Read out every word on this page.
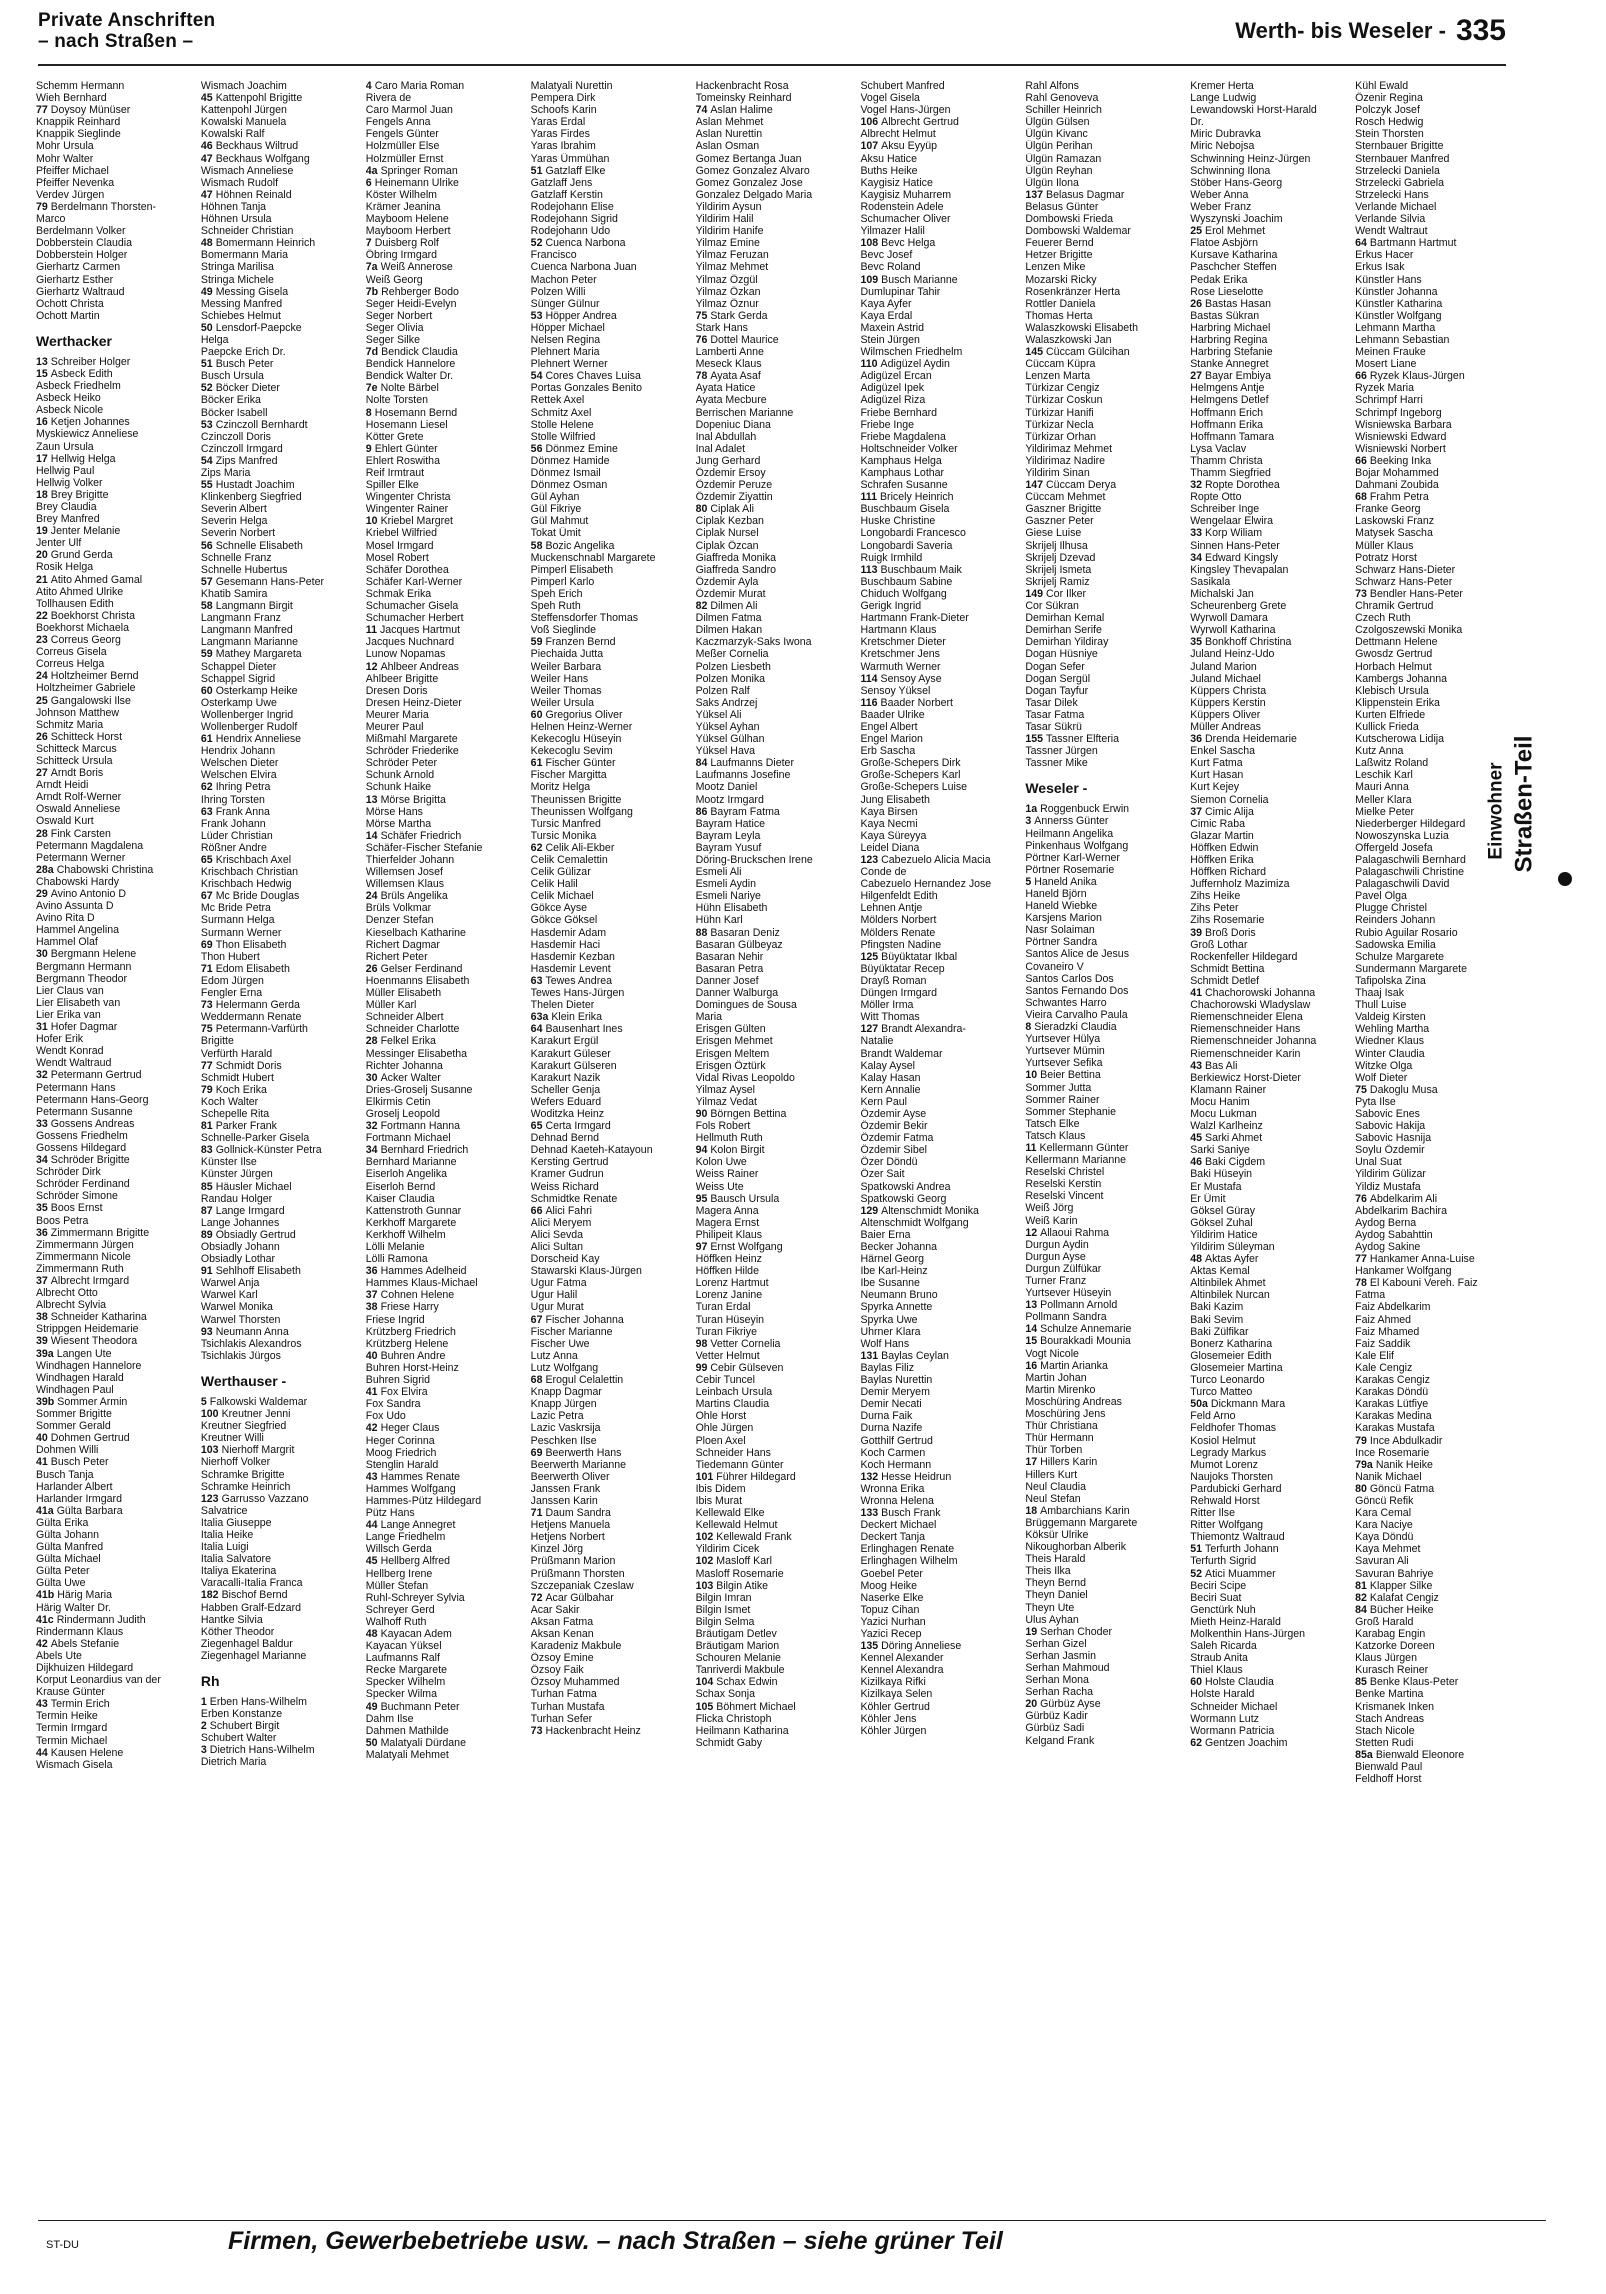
Private Anschriften
– nach Straßen –	Werth- bis Weseler - 335
Schemm Hermann
Wieh Bernhard
77 Doysoy Münüser
Knappik Reinhard
Knappik Sieglinde
Mohr Ursula
Mohr Walter
Pfeiffer Michael
Pfeiffer Nevenka
Verdev Jürgen
79 Berdelmann Thorsten-
Marco
Berdelmann Volker
Dobberstein Claudia
Dobberstein Holger
Gierhartz Carmen
Gierhartz Esther
Gierhartz Waltraud
Ochott Christa
Ochott Martin
Werthacker
13 Schreiber Holger
15 Asbeck Edith
Asbeck Friedhelm
Asbeck Heiko
Asbeck Nicole
16 Ketjen Johannes
Myskiewicz Anneliese
Zaun Ursula
17 Hellwig Helga
Hellwig Paul
Hellwig Volker
18 Brey Brigitte
Brey Claudia
Brey Manfred
19 Jenter Melanie
Jenter Ulf
20 Grund Gerda
Rosik Helga
21 Atito Ahmed Gamal
Atito Ahmed Ulrike
Tollhausen Edith
22 Boekhorst Christa
Boekhorst Michaela
23 Correus Georg
Correus Gisela
Correus Helga
24 Holtzheimer Bernd
Holtzheimer Gabriele
25 Gangalowski Ilse
Johnson Matthew
Schmitz Maria
26 Schitteck Horst
Schitteck Marcus
Schitteck Ursula
27 Arndt Boris
Arndt Heidi
Arndt Rolf-Werner
Oswald Anneliese
Oswald Kurt
28 Fink Carsten
Petermann Magdalena
Petermann Werner
28a Chabowski Christina
Chabowski Hardy
29 Avino Antonio D
Avino Assunta D
Avino Rita D
Hammel Angelina
Hammel Olaf
30 Bergmann Helene
Bergmann Hermann
Bergmann Theodor
Lier Claus van
Lier Elisabeth van
Lier Erika van
31 Hofer Dagmar
Hofer Erik
Wendt Konrad
Wendt Waltraud
32 Petermann Gertrud
Petermann Hans
Petermann Hans-Georg
Petermann Susanne
33 Gossens Andreas
Gossens Friedhelm
Gossens Hildegard
34 Schröder Brigitte
Schröder Dirk
Schröder Ferdinand
Schröder Simone
35 Boos Ernst
Boos Petra
36 Zimmermann Brigitte
Zimmermann Jürgen
Zimmermann Nicole
Zimmermann Ruth
37 Albrecht Irmgard
Albrecht Otto
Albrecht Sylvia
38 Schneider Katharina
Strippgen Heidemarie
39 Wiesent Theodora
39a Langen Ute
Windhagen Hannelore
Windhagen Harald
Windhagen Paul
39b Sommer Armin
Sommer Brigitte
Sommer Gerald
40 Dohmen Gertrud
Dohmen Willi
41 Busch Peter
Busch Tanja
Harlander Albert
Harlander Irmgard
41a Gülta Barbara
Gülta Erika
Gülta Johann
Gülta Manfred
Gülta Michael
Gülta Peter
Gülta Uwe
41b Härig Maria
Härig Walter Dr.
41c Rindermann Judith
Rindermann Klaus
42 Abels Stefanie
Abels Ute
Dijkhuizen Hildegard
Korput Leonardius van der
Krause Günter
43 Termin Erich
Termin Heike
Termin Irmgard
Termin Michael
44 Kausen Helene
Wismach Gisela
Wismach Joachim
45 Kattenpohl Brigitte
Kattenpohl Jürgen
Kowalski Manuela
Kowalski Ralf
46 Beckhaus Wiltrud
47 Beckhaus Wolfgang
Wismach Anneliese
Wismach Rudolf
47 Höhnen Reinald
Höhnen Tanja
Höhnen Ursula
Schneider Christian
48 Bomermann Heinrich
Bomermann Maria
Stringa Marilisa
Stringa Michele
49 Messing Gisela
Messing Manfred
Schiebes Helmut
50 Lensdorf-Paepcke
Helga
Paepcke Erich Dr.
51 Busch Peter
Busch Ursula
52 Böcker Dieter
Böcker Erika
Böcker Isabell
53 Czinczoll Bernhardt
Czinczoll Doris
Czinczoll Irmgard
54 Zips Manfred
Zips Maria
55 Hustadt Joachim
Klinkenberg Siegfried
Severin Albert
Severin Helga
Severin Norbert
56 Schnelle Elisabeth
Schnelle Franz
Schnelle Hubertus
57 Gesemann Hans-Peter
Khatib Samira
58 Langmann Birgit
Langmann Franz
Langmann Manfred
Langmann Marianne
59 Mathey Margareta
Schappel Dieter
Schappel Sigrid
60 Osterkamp Heike
Osterkamp Uwe
Wollenberger Ingrid
Wollenberger Rudolf
61 Hendrix Anneliese
Hendrix Johann
Welschen Dieter
Welschen Elvira
62 Ihring Petra
Ihring Torsten
63 Frank Anna
Frank Johann
Lüder Christian
Rößner Andre
65 Krischbach Axel
Krischbach Christian
Krischbach Hedwig
67 Mc Bride Douglas
Mc Bride Petra
Surmann Helga
Surmann Werner
69 Thon Elisabeth
Thon Hubert
71 Edom Elisabeth
Edom Jürgen
Fengler Erna
73 Helermann Gerda
Weddermann Renate
75 Petermann-Varfürth
Brigitte
Verfürth Harald
77 Schmidt Doris
Schmidt Hubert
79 Koch Erika
Koch Walter
Schepelle Rita
81 Parker Frank
Schnelle-Parker Gisela
83 Gollnick-Künster Petra
Künster Ilse
Künster Jürgen
85 Häusler Michael
Randau Holger
87 Lange Irmgard
Lange Johannes
89 Obsiadly Gertrud
Obsiadly Johann
Obsiadly Lothar
91 Sehlhoff Elisabeth
Warwel Anja
Warwel Karl
Warwel Monika
Warwel Thorsten
93 Neumann Anna
Tsichlakis Alexandros
Tsichlakis Jürgos
Werthauser -
5 Falkowski Waldemar
100 Kreutner Jenni
Kreutner Siegfried
Kreutner Willi
103 Nierhoff Margrit
Nierhoff Volker
Schramke Brigitte
Schramke Heinrich
123 Garrusso Vazzano
Salvatrice
Italia Giuseppe
Italia Heike
Italia Luigi
Italia Salvatore
Italiya Ekaterina
Varacalli-Italia Franca
182 Bischof Bernd
Habben Gralf-Edzard
Hantke Silvia
Köther Theodor
Ziegenhagel Baldur
Ziegenhagel Marianne
Rh
1 Erben Hans-Wilhelm
Erben Konstanze
2 Schubert Birgit
Schubert Walter
3 Dietrich Hans-Wilhelm
Dietrich Maria
4 Caro Maria Roman
Rivera de
Caro Marmol Juan
Fengels Anna
Fengels Günter
Holzmüller Else
Holzmüller Ernst
4a Springer Roman
6 Heinemann Ulrike
Köster Wilhelm
Krämer Jeanina
Mayboom Helene
Mayboom Herbert
7 Duisberg Rolf
Öbring Irmgard
7a Weiß Annerose
Weiß Georg
7b Rehberger Bodo
Seger Heidi-Evelyn
Seger Norbert
Seger Olivia
Seger Silke
7d Bendick Claudia
Bendick Hannelore
Bendick Walter Dr.
7e Nolte Bärbel
Nolte Torsten
8 Hosemann Bernd
Hosemann Liesel
Kötter Grete
9 Ehlert Günter
Ehlert Roswitha
Reif Irmtraut
Spiller Elke
Wingenter Christa
Wingenter Rainer
10 Kriebel Margret
Kriebel Wilfried
Mosel Irmgard
Mosel Robert
Schäfer Dorothea
Schäfer Karl-Werner
Schmak Erika
Schumacher Gisela
Schumacher Herbert
11 Jacques Hartmut
Jacques Nuchnard
Lunow Nopamas
12 Ahlbeer Andreas
Ahlbeer Brigitte
Dresen Doris
Dresen Heinz-Dieter
Meurer Maria
Meurer Paul
Mißmahl Margarete
Schröder Friederike
Schröder Peter
Schunk Arnold
Schunk Haike
13 Mörse Brigitta
Mörse Hans
Mörse Martha
14 Schäfer Friedrich
Schäfer-Fischer Stefanie
Thierfelder Johann
Willemsen Josef
Willemsen Klaus
24 Brüls Angelika
Brüls Volkmar
Denzer Stefan
Kieselbach Katharine
Richert Dagmar
Richert Peter
26 Gelser Ferdinand
Hoenmanns Elisabeth
Müller Elisabeth
Müller Karl
Schneider Albert
Schneider Charlotte
28 Felkel Erika
Messinger Elisabetha
Richter Johanna
30 Acker Walter
Dries-Groselj Susanne
Elkirmis Cetin
Groselj Leopold
32 Fortmann Hanna
Fortmann Michael
34 Bernhard Friedrich
Bernhard Marianne
Eiserloh Angelika
Eiserloh Bernd
Kaiser Claudia
Kattenstroth Gunnar
Kerkhoff Margarete
Kerkhoff Wilhelm
Lölli Melanie
Lölli Ramona
36 Hammes Adelheid
Hammes Klaus-Michael
37 Cohnen Helene
38 Friese Harry
Friese Ingrid
Krützberg Friedrich
Krützberg Helene
40 Buhren Andre
Buhren Horst-Heinz
Buhren Sigrid
41 Fox Elvira
Fox Sandra
Fox Udo
42 Heger Claus
Heger Corinna
Moog Friedrich
Stenglin Harald
43 Hammes Renate
Hammes Wolfgang
Hammes-Pütz Hildegard
Pütz Hans
44 Lange Annegret
Lange Friedhelm
Willsch Gerda
45 Hellberg Alfred
Hellberg Irene
Müller Stefan
Ruhl-Schreyer Sylvia
Schreyer Gerd
Walhoff Ruth
48 Kayacan Adem
Kayacan Yüksel
Laufmanns Ralf
Recke Margarete
Specker Wilhelm
Specker Wilma
49 Buchmann Peter
Dahm Ilse
Dahmen Mathilde
50 Malatyali Dürdane
Malatyali Mehmet
Malatyali Nurettin
Pempera Dirk
Schoofs Karin
Yaras Erdal
Yaras Firdes
Yaras Ibrahim
Yaras Ümmühan
51 Gatzlaff Elke
Gatzlaff Jens
Gatzlaff Kerstin
Rodejohann Elise
Rodejohann Sigrid
Rodejohann Udo
52 Cuenca Narbona
Francisco
Cuenca Narbona Juan
Machon Peter
Polzen Willi
Sünger Gülnur
53 Höpper Andrea
Höpper Michael
Nelsen Regina
Plehnert Maria
Plehnert Werner
54 Cores Chaves Luisa
Portas Gonzales Benito
Rettek Axel
Schmitz Axel
Stolle Helene
Stolle Wilfried
56 Dönmez Emine
Dönmez Hamide
Dönmez Ismail
Dönmez Osman
Gül Ayhan
Gül Fikriye
Gül Mahmut
Tokat Ümit
58 Bozic Angelika
Muckenschnabl Margarete
Pimperl Elisabeth
Pimperl Karlo
Speh Erich
Speh Ruth
Steffensdorfer Thomas
Voß Sieglinde
59 Franzen Bernd
Piechaida Jutta
Weiler Barbara
Weiler Hans
Weiler Thomas
Weiler Ursula
60 Gregorius Oliver
Helnen Heinz-Werner
Kekecoglu Hüseyin
Kekecoglu Sevim
61 Fischer Günter
Fischer Margitta
Moritz Helga
Theunissen Brigitte
Theunissen Wolfgang
Tursic Manfred
Tursic Monika
62 Celik Ali-Ekber
Celik Cemalettin
Celik Gülizar
Celik Halil
Celik Michael
Gökce Ayse
Gökce Göksel
Hasdemir Adam
Hasdemir Haci
Hasdemir Kezban
Hasdemir Levent
63 Tewes Andrea
Tewes Hans-Jürgen
Thelen Dieter
63a Klein Erika
64 Bausenhart Ines
Karakurt Ergül
Karakurt Güleser
Karakurt Gülseren
Karakurt Nazik
Scheller Genja
Wefers Eduard
Woditzka Heinz
65 Certa Irmgard
Dehnad Bernd
Dehnad Kaeteh-Katayoun
Kersting Gertrud
Kramer Gudrun
Weiss Richard
Schmidtke Renate
66 Alici Fahri
Alici Meryem
Alici Sevda
Alici Sultan
Dorscheid Kay
Stawarski Klaus-Jürgen
Ugur Fatma
Ugur Halil
Ugur Murat
67 Fischer Johanna
Fischer Marianne
Fischer Uwe
Lutz Anna
Lutz Wolfgang
68 Erogul Celalettin
Knapp Dagmar
Knapp Jürgen
Lazic Petra
Lazic Vaskrsija
Peschken Ilse
69 Beerwerth Hans
Beerwerth Marianne
Beerwerth Oliver
Janssen Frank
Janssen Karin
71 Daum Sandra
Hetjens Manuela
Hetjens Norbert
Kinzel Jörg
Prüßmann Marion
Prüßmann Thorsten
Szczepaniak Czeslaw
72 Acar Gülbahar
Acar Sakir
Aksan Fatma
Aksan Kenan
Karadeniz Makbule
Özsoy Emine
Özsoy Faik
Özsoy Muhammed
Turhan Fatma
Turhan Mustafa
Turhan Sefer
73 Hackenbracht Heinz
Hackenbracht Rosa
Tomeinsky Reinhard
74 Aslan Halime
Aslan Mehmet
Aslan Nurettin
Aslan Osman
Gomez Bertanga Juan
Gomez Gonzalez Alvaro
Gomez Gonzalez Jose
Gonzalez Delgado Maria
Yildirim Aysun
Yildirim Halil
Yildirim Hanife
Yilmaz Emine
Yilmaz Feruzan
Yilmaz Mehmet
Yilmaz Özgül
Yilmaz Özkan
Yilmaz Öznur
75 Stark Gerda
Stark Hans
76 Dottel Maurice
Lamberti Anne
Meseck Klaus
78 Ayata Asaf
Ayata Hatice
Ayata Mecbure
Berrischen Marianne
Dopeniuc Diana
Inal Abdullah
Inal Adalet
Jung Gerhard
Özdemir Ersoy
Özdemir Peruze
Özdemir Ziyattin
80 Ciplak Ali
Ciplak Kezban
Ciplak Nursel
Ciplak Özcan
Giaffreda Monika
Giaffreda Sandro
Özdemir Ayla
Özdemir Murat
82 Dilmen Ali
Dilmen Fatma
Dilmen Hakan
Kaczmarzyk-Saks Iwona
Meßer Cornelia
Polzen Liesbeth
Polzen Monika
Polzen Ralf
Saks Andrzej
Yüksel Ali
Yüksel Ayhan
Yüksel Gülhan
Yüksel Hava
84 Laufmanns Dieter
Laufmanns Josefine
Mootz Daniel
Mootz Irmgard
86 Bayram Fatma
Bayram Hatice
Bayram Leyla
Bayram Yusuf
Döring-Bruckschen Irene
Esmeli Ali
Esmeli Aydin
Esmeli Nariye
Hühn Elisabeth
Hühn Karl
88 Basaran Deniz
Basaran Gülbeyaz
Basaran Nehir
Basaran Petra
Danner Josef
Danner Walburga
Domingues de Sousa
Maria
Erisgen Gülten
Erisgen Mehmet
Erisgen Meltem
Erisgen Öztürk
Vidal Rivas Leopoldo
Yilmaz Aysel
Yilmaz Vedat
90 Börngen Bettina
Fols Robert
Hellmuth Ruth
94 Kolon Birgit
Kolon Uwe
Weiss Rainer
Weiss Ute
95 Bausch Ursula
Magera Anna
Magera Ernst
Philipeit Klaus
97 Ernst Wolfgang
Höffken Heinz
Höffken Hilde
Lorenz Hartmut
Lorenz Janine
Turan Erdal
Turan Hüseyin
Turan Fikriye
98 Vetter Cornelia
Vetter Helmut
99 Cebir Gülseven
Cebir Tuncel
Leinbach Ursula
Martins Claudia
Ohle Horst
Ohle Jürgen
Ploen Axel
Schneider Hans
Tiedemann Günter
101 Führer Hildegard
Ibis Didem
Ibis Murat
Kellewald Elke
Kellewald Helmut
102 Kellewald Frank
Yildirim Cicek
102 Masloff Karl
Masloff Rosemarie
103 Bilgin Atike
Bilgin Imran
Bilgin Ismet
Bilgin Selma
Bräutigam Detlev
Bräutigam Marion
Schouren Melanie
Tanriverdi Makbule
104 Schax Edwin
Schax Sonja
105 Böhmert Michael
Flicka Christoph
Heilmann Katharina
Schmidt Gaby
Schubert Manfred
Vogel Gisela
Vogel Hans-Jürgen
106 Albrecht Gertrud
Albrecht Helmut
107 Aksu Eyyüp
Aksu Hatice
Buths Heike
Kaygisiz Hatice
Kaygisiz Muharrem
Rodenstein Adele
Schumacher Oliver
Yilmazer Halil
108 Bevc Helga
Bevc Josef
Bevc Roland
109 Busch Marianne
Dumlupinar Tahir
Kaya Ayfer
Kaya Erdal
Maxein Astrid
Stein Jürgen
Wilmschen Friedhelm
110 Adigüzel Aydin
Adigüzel Ercan
Adigüzel Ipek
Adigüzel Riza
Friebe Bernhard
Friebe Inge
Friebe Magdalena
Holtschneider Volker
Kamphaus Helga
Kamphaus Lothar
Schrafen Susanne
111 Bricely Heinrich
Buschbaum Gisela
Huske Christine
Longobardi Francesco
Longobardi Saveria
Ruigk Irmhild
113 Buschbaum Maik
Buschbaum Sabine
Chiduch Wolfgang
Gerigk Ingrid
Hartmann Frank-Dieter
Hartmann Klaus
Kretschmer Dieter
Kretschmer Jens
Warmuth Werner
114 Sensoy Ayse
Sensoy Yüksel
116 Baader Norbert
Baader Ulrike
Engel Albert
Engel Marion
Erb Sascha
Große-Schepers Dirk
Große-Schepers Karl
Große-Schepers Luise
Jung Elisabeth
Kaya Birsen
Kaya Necmi
Kaya Süreyya
Leidel Diana
123 Cabezuelo Alicia Macia
Conde de
Cabezuelo Hernandez Jose
Hilgenfeldt Edith
Lehnen Antje
Mölders Norbert
Mölders Renate
Pfingsten Nadine
125 Büyüktatar Ikbal
Büyüktatar Recep
Drayß Roman
Düngen Irmgard
Möller Irma
Witt Thomas
127 Brandt Alexandra-
Natalie
Brandt Waldemar
Kalay Aysel
Kalay Hasan
Kern Annalie
Kern Paul
Özdemir Ayse
Özdemir Bekir
Özdemir Fatma
Özdemir Sibel
Özer Döndü
Özer Sait
Spatkowski Andrea
Spatkowski Georg
129 Altenschmidt Monika
Altenschmidt Wolfgang
Baier Erna
Becker Johanna
Härnel Georg
Ibe Karl-Heinz
Ibe Susanne
Neumann Bruno
Spyrka Annette
Spyrka Uwe
Uhrner Klara
Wolf Hans
131 Baylas Ceylan
Baylas Filiz
Baylas Nurettin
Demir Meryem
Demir Necati
Durna Faik
Durna Nazife
Gotthilf Gertrud
Koch Carmen
Koch Hermann
132 Hesse Heidrun
Wronna Erika
Wronna Helena
133 Busch Frank
Deckert Michael
Deckert Tanja
Erlinghagen Renate
Erlinghagen Wilhelm
Goebel Peter
Moog Heike
Naserke Elke
Topuz Cihan
Yazici Nurhan
Yazici Recep
135 Döring Anneliese
Kennel Alexander
Kennel Alexandra
Kizilkaya Rifki
Kizilkaya Selen
Köhler Gertrud
Köhler Jens
Köhler Jürgen
Rahl Alfons
Rahl Genoveva
Schiller Heinrich
Ülgün Gülsen
Ülgün Kivanc
Ülgün Perihan
Ülgün Ramazan
Ülgün Reyhan
Ülgün Ilona
137 Belasus Dagmar
Belasus Günter
Dombowski Frieda
Dombowski Waldemar
Feuerer Bernd
Hetzer Brigitte
Lenzen Mike
Mozarski Ricky
Rosenkränzer Herta
Rottler Daniela
Thomas Herta
Walaszkowski Elisabeth
Walaszkowski Jan
145 Cüccam Gülcihan
Cüccam Küpra
Lenzen Marta
Türkizar Cengiz
Türkizar Coskun
Türkizar Hanifi
Türkizar Necla
Türkizar Orhan
Yildirimaz Mehmet
Yildirimaz Nadire
Yildirim Sinan
147 Cüccam Derya
Cüccam Mehmet
Gaszner Brigitte
Gaszner Peter
Giese Luise
Skrijelj Ilhusa
Skrijelj Dzevad
Skrijelj Ismeta
Skrijelj Ramiz
149 Cor Ilker
Cor Sükran
Demirhan Kemal
Demirhan Serife
Demirhan Yildiray
Dogan Hüsniye
Dogan Sefer
Dogan Sergül
Dogan Tayfur
Tasar Dilek
Tasar Fatma
Tasar Sükrü
155 Tassner Elfteria
Tassner Jürgen
Tassner Mike
Weseler -
1a Roggenbuck Erwin
3 Annerss Günter
Heilmann Angelika
Pinkenhaus Wolfgang
Pörtner Karl-Werner
Pörtner Rosemarie
5 Haneld Anika
Haneld Björn
Haneld Wiebke
Karsjens Marion
Nasr Solaiman
Pörtner Sandra
Santos Alice de Jesus
Covaneiro V
Santos Carlos Dos
Santos Fernando Dos
Schwantes Harro
Vieira Carvalho Paula
8 Sieradzki Claudia
Yurtsever Hülya
Yurtsever Mümin
Yurtsever Sefika
10 Beier Bettina
Sommer Jutta
Sommer Rainer
Sommer Stephanie
Tatsch Elke
Tatsch Klaus
11 Kellermann Günter
Kellermann Marianne
Reselski Christel
Reselski Kerstin
Reselski Vincent
Weiß Jörg
Weiß Karin
12 Allaoui Rahma
Durgun Aydin
Durgun Ayse
Durgun Zülfükar
Turner Franz
Yurtsever Hüseyin
13 Pollmann Arnold
Pollmann Sandra
14 Schulze Annemarie
15 Bourakkadi Mounia
Vogt Nicole
16 Martin Arianka
Martin Johan
Martin Mirenko
Moschüring Andreas
Moschüring Jens
Thür Christiana
Thür Hermann
Thür Torben
17 Hillers Karin
Hillers Kurt
Neul Claudia
Neul Stefan
18 Ambarchians Karin
Brüggemann Margarete
Köksür Ulrike
Nikoughorban Alberik
Theis Harald
Theis Ilka
Theyn Bernd
Theyn Daniel
Theyn Ute
Ulus Ayhan
19 Serhan Choder
Serhan Gizel
Serhan Jasmin
Serhan Mahmoud
Serhan Mona
Serhan Racha
20 Gürbüz Ayse
Gürbüz Kadir
Gürbüz Sadi
Kelgand Frank
Kremer Herta
Lange Ludwig
Lewandowski Horst-Harald
Dr.
Miric Dubravka
Miric Nebojsa
Schwinning Heinz-Jürgen
Schwinning Ilona
Stöber Hans-Georg
Weber Anna
Weber Franz
Wyszynski Joachim
25 Erol Mehmet
Flatoe Asbjörn
Kursave Katharina
Paschcher Steffen
Pedak Erika
Rose Lieselotte
26 Bastas Hasan
Bastas Sükran
Harbring Michael
Harbring Regina
Harbring Stefanie
Stanke Annegret
27 Bayar Embiya
Helmgens Antje
Helmgens Detlef
Hoffmann Erich
Hoffmann Erika
Hoffmann Tamara
Lysa Vaclav
Thamm Christa
Thamm Siegfried
32 Ropte Dorothea
Ropte Otto
Schreiber Inge
Wengelaar Elwira
33 Korp Wiliam
Sinnen Hans-Peter
34 Edward Kingsly
Kingsley Thevapalan
Sasikala
Michalski Jan
Scheurenberg Grete
Wyrwoll Damara
Wyrwoll Katharina
35 Bonkhoff Christina
Juland Heinz-Udo
Juland Marion
Juland Michael
Küppers Christa
Küppers Kerstin
Küppers Oliver
Müller Andreas
36 Drenda Heidemarie
Enkel Sascha
Kurt Fatma
Kurt Hasan
Kurt Kejey
Siemon Cornelia
37 Cimic Alija
Cimic Raba
Glazar Martin
Höffken Edwin
Höffken Erika
Höffken Richard
Juffernholz Mazimiza
Zihs Heike
Zihs Peter
Zihs Rosemarie
39 Broß Doris
Groß Lothar
Rockenfeller Hildegard
Schmidt Bettina
Schmidt Detlef
41 Chachorowski Johanna
Chachorowski Wladyslaw
Riemenschneider Elena
Riemenschneider Hans
Riemenschneider Johanna
Riemenschneider Karin
43 Bas Ali
Berkiewicz Horst-Dieter
Klamann Rainer
Mocu Hanim
Mocu Lukman
Walzl Karlheinz
45 Sarki Ahmet
Sarki Saniye
46 Baki Cigdem
Baki Hüseyin
Er Mustafa
Er Ümit
Göksel Güray
Göksel Zuhal
Yildirim Hatice
Yildirim Süleyman
48 Aktas Ayfer
Aktas Kemal
Altinbilek Ahmet
Altinbilek Nurcan
Baki Kazim
Baki Sevim
Baki Zülfikar
Bonerz Katharina
Glosemeier Edith
Glosemeier Martina
Turco Leonardo
Turco Matteo
50a Dickmann Mara
Feld Arno
Feldhofer Thomas
Kosiol Helmut
Legrady Markus
Mumot Lorenz
Naujoks Thorsten
Pardubicki Gerhard
Rehwald Horst
Ritter Ilse
Ritter Wolfgang
Thiemontz Waltraud
51 Terfurth Johann
Terfurth Sigrid
52 Atici Muammer
Beciri Scipe
Beciri Suat
Genctürk Nuh
Mieth Heinz-Harald
Molkenthin Hans-Jürgen
Saleh Ricarda
Straub Anita
Thiel Klaus
60 Holste Claudia
Holste Harald
Schneider Michael
Wormann Lutz
Wormann Patricia
62 Gentzen Joachim
Kühl Ewald
Özenir Regina
Polczyk Josef
Rosch Hedwig
Stein Thorsten
Sternbauer Brigitte
Sternbauer Manfred
Strzelecki Daniela
Strzelecki Gabriela
Strzelecki Hans
Verlande Michael
Verlande Silvia
Wendt Waltraut
64 Bartmann Hartmut
Erkus Hacer
Erkus Isak
Künstler Hans
Künstler Johanna
Künstler Katharina
Künstler Wolfgang
Lehmann Martha
Lehmann Sebastian
Meinen Frauke
Mosert Liane
66 Ryzek Klaus-Jürgen
Ryzek Maria
Schrimpf Harri
Schrimpf Ingeborg
Wisniewska Barbara
Wisniewski Edward
Wisniewski Norbert
66 Beeking Inka
Bojar Mohammed
Dahmani Zoubida
68 Frahm Petra
Franke Georg
Laskowski Franz
Matysek Sascha
Müller Klaus
Potratz Horst
Schwarz Hans-Dieter
Schwarz Hans-Peter
73 Bendler Hans-Peter
Chramik Gertrud
Czech Ruth
Czolgoszewski Monika
Dettmann Helene
Gwosdz Gertrud
Horbach Helmut
Kambergs Johanna
Klebisch Ursula
Klippenstein Erika
Kurten Elfriede
Kullick Frieda
Kutscherowa Lidija
Kutz Anna
Laßwitz Roland
Leschik Karl
Mauri Anna
Meller Klara
Mielke Peter
Niederberger Hildegard
Nowoszynska Luzia
Offergeld Josefa
Palagaschwili Bernhard
Palagaschwili Christine
Palagaschwili David
Pavel Olga
Plugge Christel
Reinders Johann
Rubio Aguilar Rosario
Sadowska Emilia
Schulze Margarete
Sundermann Margarete
Tafipolska Zina
Thaaj Isak
Thull Luise
Valdeig Kirsten
Wehling Martha
Wiedner Klaus
Winter Claudia
Witzke Olga
Wolf Dieter
75 Dakoglu Musa
Pyta Ilse
Sabovic Enes
Sabovic Hakija
Sabovic Hasnija
Soylu Özdemir
Unal Suat
Yildirim Gülizar
Yildiz Mustafa
76 Abdelkarim Ali
Abdelkarim Bachira
Aydog Berna
Aydog Sabahttin
Aydog Sakine
77 Hankamer Anna-Luise
Hankamer Wolfgang
78 El Kabouni Vereh. Faiz
Fatma
Faiz Abdelkarim
Faiz Ahmed
Faiz Mhamed
Faiz Saddik
Kale Elif
Kale Cengiz
Karakas Cengiz
Karakas Döndü
Karakas Lütfiye
Karakas Medina
Karakas Mustafa
79 Ince Abdulkadir
Ince Rosemarie
79a Nanik Heike
Nanik Michael
80 Göncü Fatma
Göncü Refik
Kara Cemal
Kara Naciye
Kaya Döndü
Kaya Mehmet
Savuran Ali
Savuran Bahriye
81 Klapper Silke
82 Kalafat Cengiz
84 Bücher Heike
Groß Harald
Karabag Engin
Katzorke Doreen
Klaus Jürgen
Kurasch Reiner
85 Benke Klaus-Peter
Benke Martina
Krismanek Inken
Stach Andreas
Stach Nicole
Stetten Rudi
85a Bienwald Eleonore
Bienwald Paul
Feldhoff Horst
Einwohner Straßen-Teil
ST-DU	Firmen, Gewerbebetriebe usw. – nach Straßen – siehe grüner Teil
